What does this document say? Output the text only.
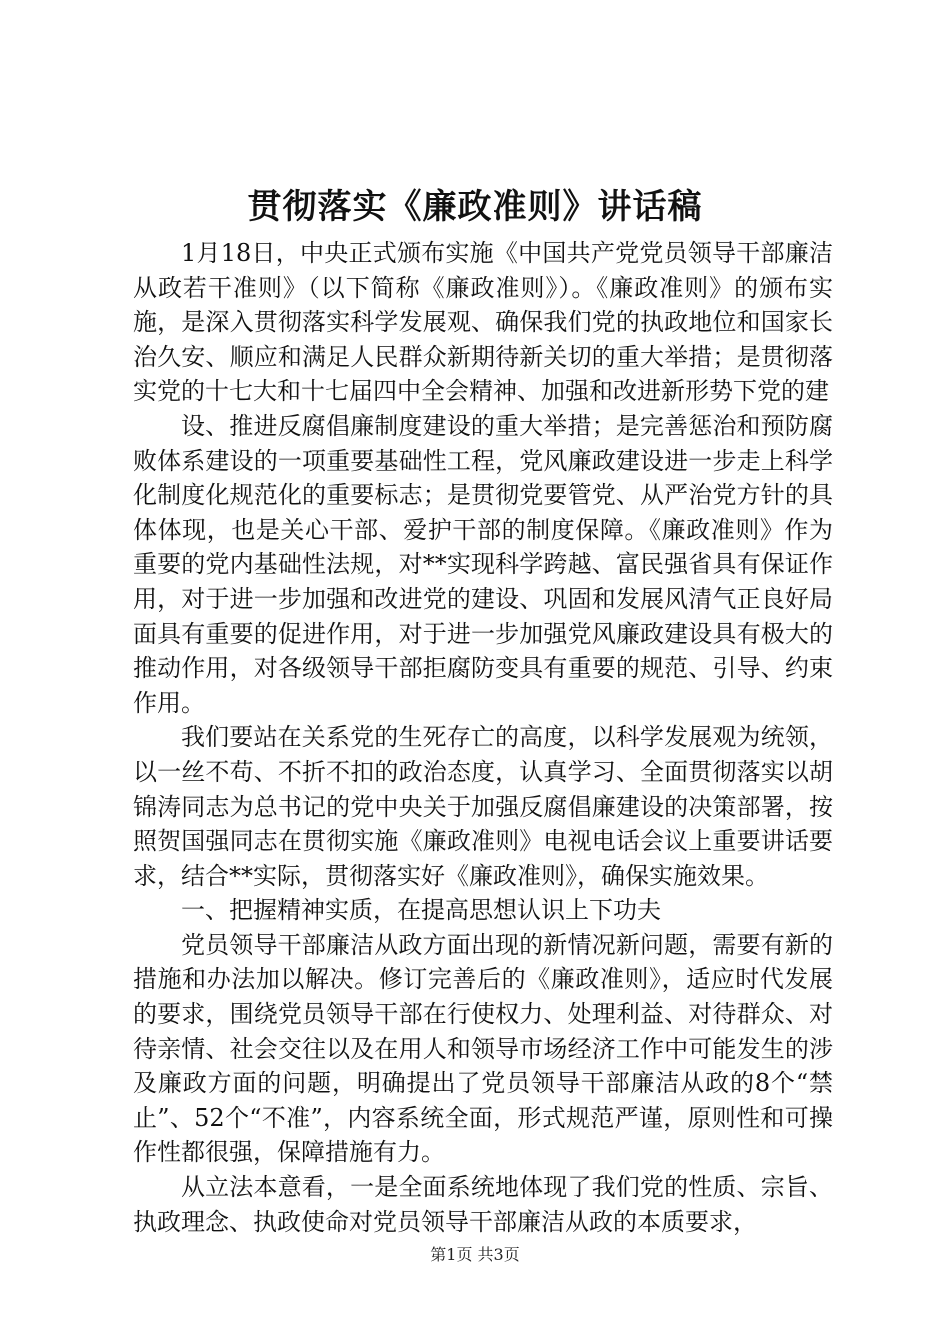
贯彻落实《廉政准则》讲话稿

1月18日，中央正式颁布实施《中国共产党党员领导干部廉洁从政若干准则》（以下简称《廉政准则》）。《廉政准则》的颁布实施，是深入贯彻落实科学发展观、确保我们党的执政地位和国家长治久安、顺应和满足人民群众新期待新关切的重大举措；是贯彻落实党的十七大和十七届四中全会精神、加强和改进新形势下党的建

设、推进反腐倡廉制度建设的重大举措；是完善惩治和预防腐败体系建设的一项重要基础性工程，党风廉政建设进一步走上科学化制度化规范化的重要标志；是贯彻党要管党、从严治党方针的具体体现，也是关心干部、爱护干部的制度保障。《廉政准则》作为重要的党内基础性法规，对**实现科学跨越、富民强省具有保证作用，对于进一步加强和改进党的建设、巩固和发展风清气正良好局面具有重要的促进作用，对于进一步加强党风廉政建设具有极大的推动作用，对各级领导干部拒腐防变具有重要的规范、引导、约束作用。

我们要站在关系党的生死存亡的高度，以科学发展观为统领，以一丝不苟、不折不扣的政治态度，认真学习、全面贯彻落实以胡锦涛同志为总书记的党中央关于加强反腐倡廉建设的决策部署，按照贺国强同志在贯彻实施《廉政准则》电视电话会议上重要讲话要求，结合**实际，贯彻落实好《廉政准则》，确保实施效果。

一、把握精神实质，在提高思想认识上下功夫

党员领导干部廉洁从政方面出现的新情况新问题，需要有新的措施和办法加以解决。修订完善后的《廉政准则》，适应时代发展的要求，围绕党员领导干部在行使权力、处理利益、对待群众、对待亲情、社会交往以及在用人和领导市场经济工作中可能发生的涉及廉政方面的问题，明确提出了党员领导干部廉洁从政的8个“禁止”、52个“不准”，内容系统全面，形式规范严谨，原则性和可操作性都很强，保障措施有力。

从立法本意看，一是全面系统地体现了我们党的性质、宗旨、执政理念、执政使命对党员领导干部廉洁从政的本质要求，

第1页 共3页
